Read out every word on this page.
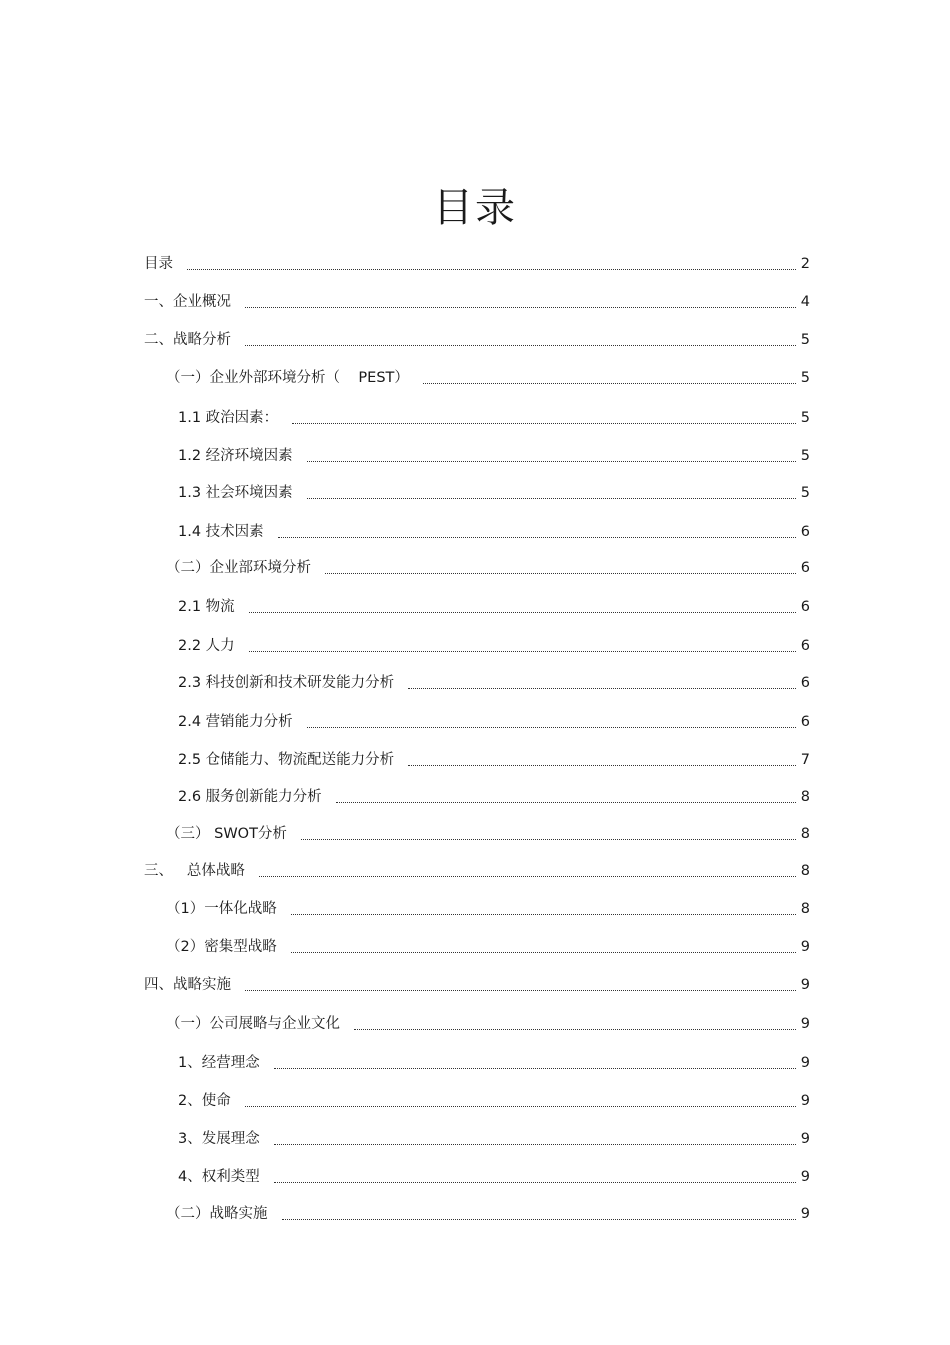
目录
目录	2
一、企业概况	4
二、战略分析	5
（一）企业外部环境分析（    PEST）	5
1.1 政治因素：	5
1.2 经济环境因素	5
1.3 社会环境因素	5
1.4 技术因素	6
（二）企业部环境分析	6
2.1 物流	6
2.2 人力	6
2.3 科技创新和技术研发能力分析	6
2.4 营销能力分析	6
2.5 仓储能力、物流配送能力分析	7
2.6 服务创新能力分析	8
（三） SWOT分析	8
三、   总体战略	8
（1）一体化战略	8
（2）密集型战略	9
四、战略实施	9
（一）公司展略与企业文化	9
1、经营理念	9
2、使命	9
3、发展理念	9
4、权利类型	9
（二）战略实施	9
